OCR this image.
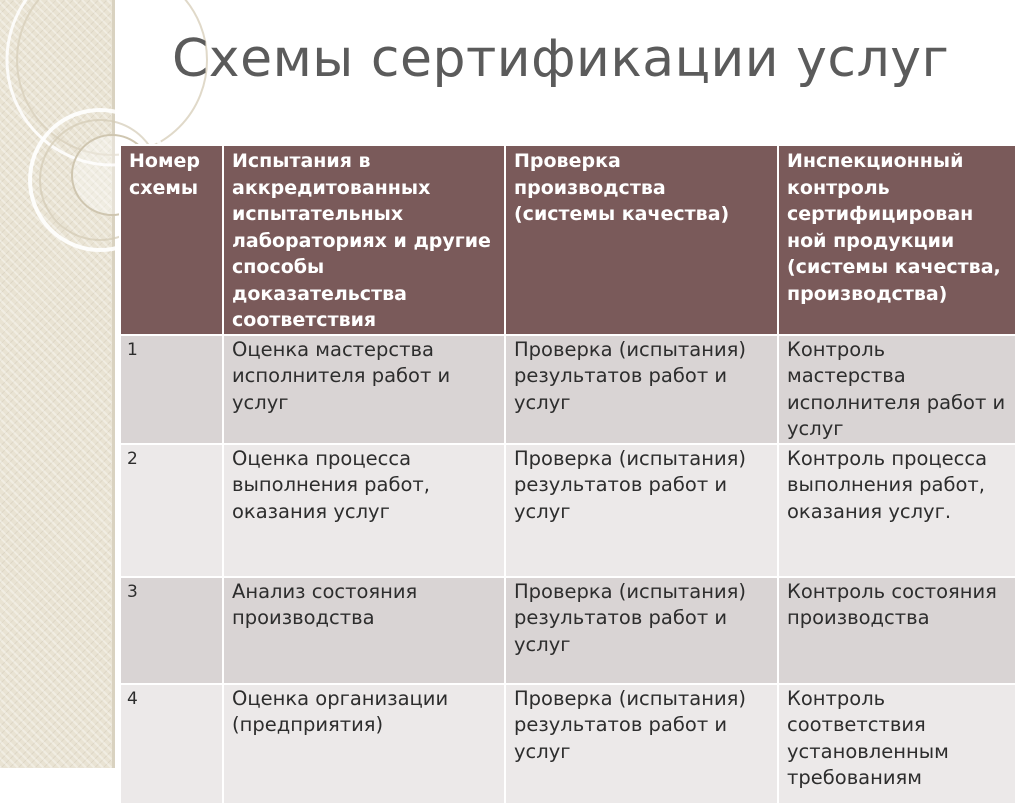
Схемы сертификации услуг
Номер схемы	Испытания в аккредитованных испытательных лабораториях и другие способы доказательства соответствия	Проверка производства (системы качества)	Инспекционный контроль сертифицирован ной продукции (системы качества, производства)
1	Оценка мастерства исполнителя работ и услуг	Проверка (испытания) результатов работ и услуг	Контроль мастерства исполнителя работ и услуг
2	Оценка процесса выполнения работ, оказания услуг	Проверка (испытания) результатов работ и услуг	Контроль процесса выполнения работ, оказания услуг.
3	Анализ состояния производства	Проверка (испытания) результатов работ и услуг	Контроль состояния производства
4	Оценка организации (предприятия)	Проверка (испытания) результатов работ и услуг	Контроль соответствия установленным требованиям
